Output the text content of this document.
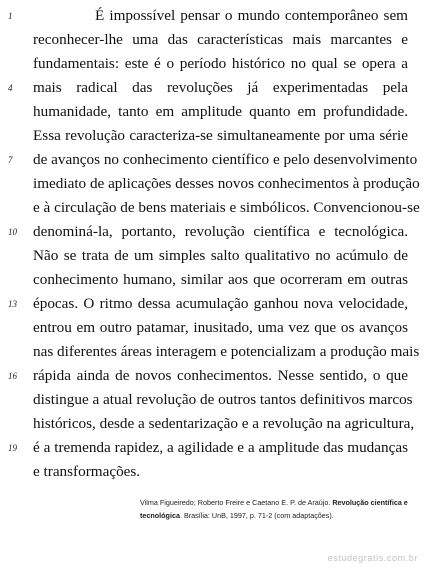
É impossível pensar o mundo contemporâneo sem
reconhecer-lhe uma das características mais marcantes e
fundamentais: este é o período histórico no qual se opera a
mais radical das revoluções já experimentadas pela
humanidade, tanto em amplitude quanto em profundidade.
Essa revolução caracteriza-se simultaneamente por uma série
de avanços no conhecimento científico e pelo desenvolvimento
imediato de aplicações desses novos conhecimentos à produção
e à circulação de bens materiais e simbólicos. Convencionou-se
denominá-la, portanto, revolução científica e tecnológica.
Não se trata de um simples salto qualitativo no acúmulo de
conhecimento humano, similar aos que ocorreram em outras
épocas. O ritmo dessa acumulação ganhou nova velocidade,
entrou em outro patamar, inusitado, uma vez que os avanços
nas diferentes áreas interagem e potencializam a produção mais
rápida ainda de novos conhecimentos. Nesse sentido, o que
distingue a atual revolução de outros tantos definitivos marcos
históricos, desde a sedentarização e a revolução na agricultura,
é a tremenda rapidez, a agilidade e a amplitude das mudanças
e transformações.
1
4
7
10
13
16
19
Vilma Figueiredo; Roberto Freire e Caetano E. P. de Araújo. Revolução científica e tecnológica. Brasília: UnB, 1997, p. 71-2 (com adaptações).
estudegratis.com.br
